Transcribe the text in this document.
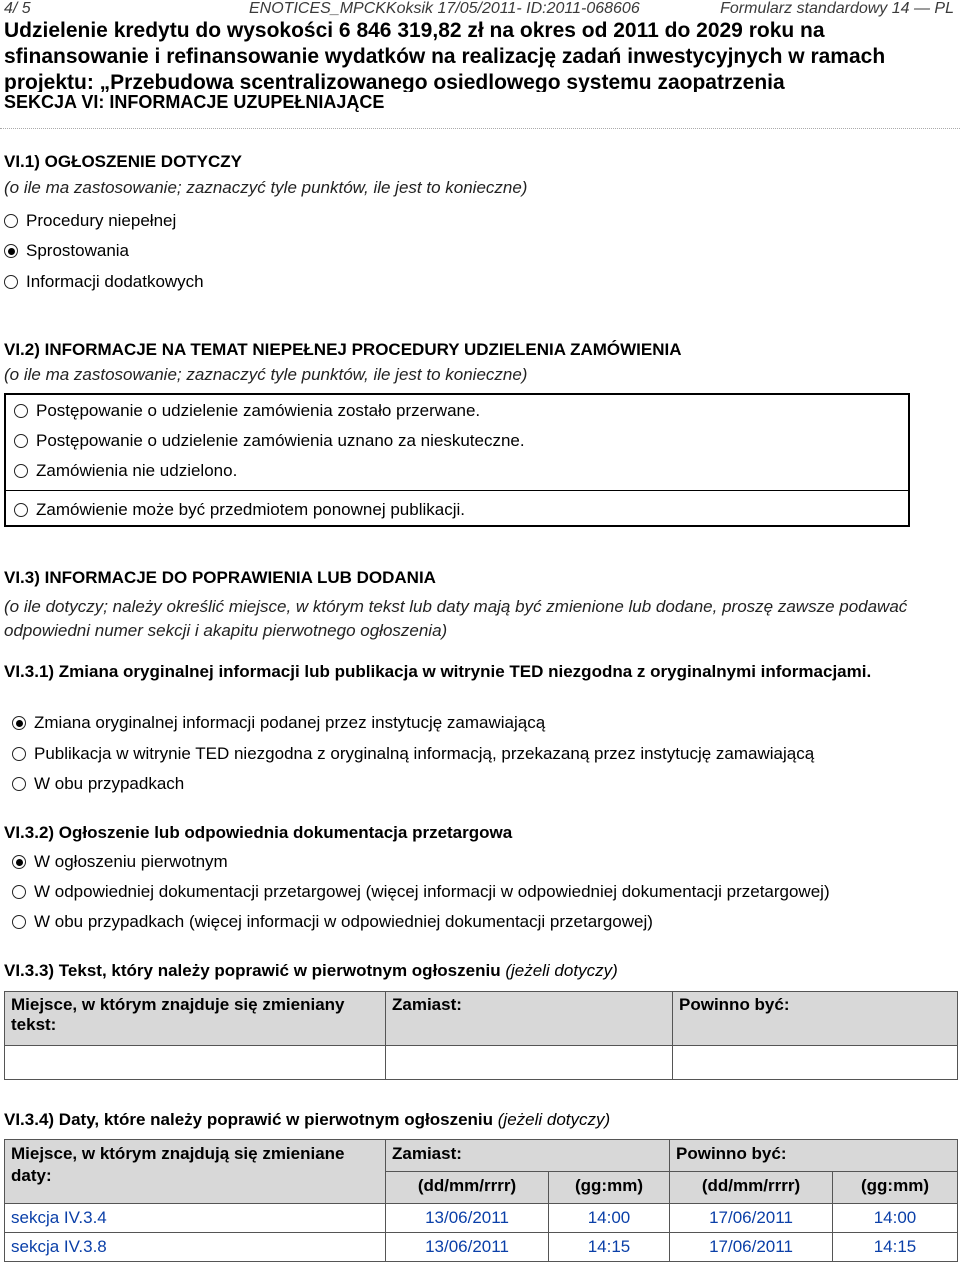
4/ 5	ENOTICES_MPCKKoksik 17/05/2011- ID:2011-068606	Formularz standardowy 14 — PL
Udzielenie kredytu do wysokości 6 846 319,82 zł na okres od 2011 do 2029 roku na sfinansowanie i refinansowanie wydatków na realizację zadań inwestycyjnych w ramach projektu: „Przebudowa scentralizowanego osiedlowego systemu zaopatrzenia
SEKCJA VI: INFORMACJE UZUPEŁNIAJĄCE
VI.1) OGŁOSZENIE DOTYCZY
(o ile ma zastosowanie; zaznaczyć tyle punktów, ile jest to konieczne)
Procedury niepełnej
Sprostowania
Informacji dodatkowych
VI.2) INFORMACJE NA TEMAT NIEPEŁNEJ PROCEDURY UDZIELENIA ZAMÓWIENIA
(o ile ma zastosowanie; zaznaczyć tyle punktów, ile jest to konieczne)
Postępowanie o udzielenie zamówienia zostało przerwane.
Postępowanie o udzielenie zamówienia uznano za nieskuteczne.
Zamówienia nie udzielono.
Zamówienie może być przedmiotem ponownej publikacji.
VI.3) INFORMACJE DO POPRAWIENIA LUB DODANIA
(o ile dotyczy; należy określić miejsce, w którym tekst lub daty mają być zmienione lub dodane, proszę zawsze podawać odpowiedni numer sekcji i akapitu pierwotnego ogłoszenia)
VI.3.1) Zmiana oryginalnej informacji lub publikacja w witrynie TED niezgodna z oryginalnymi informacjami.
Zmiana oryginalnej informacji podanej przez instytucję zamawiającą
Publikacja w witrynie TED niezgodna z oryginalną informacją, przekazaną przez instytucję zamawiającą
W obu przypadkach
VI.3.2) Ogłoszenie lub odpowiednia dokumentacja przetargowa
W ogłoszeniu pierwotnym
W odpowiedniej dokumentacji przetargowej (więcej informacji w odpowiedniej dokumentacji przetargowej)
W obu przypadkach (więcej informacji w odpowiedniej dokumentacji przetargowej)
VI.3.3) Tekst, który należy poprawić w pierwotnym ogłoszeniu (jeżeli dotyczy)
Miejsce, w którym znajduje się zmieniany tekst:	Zamiast:	Powinno być:

VI.3.4) Daty, które należy poprawić w pierwotnym ogłoszeniu (jeżeli dotyczy)
Miejsce, w którym znajdują się zmieniane daty:	Zamiast:		Powinno być:	
	(dd/mm/rrrr)	(gg:mm)	(dd/mm/rrrr)	(gg:mm)
sekcja IV.3.4	13/06/2011	14:00	17/06/2011	14:00
sekcja IV.3.8	13/06/2011	14:15	17/06/2011	14:15
